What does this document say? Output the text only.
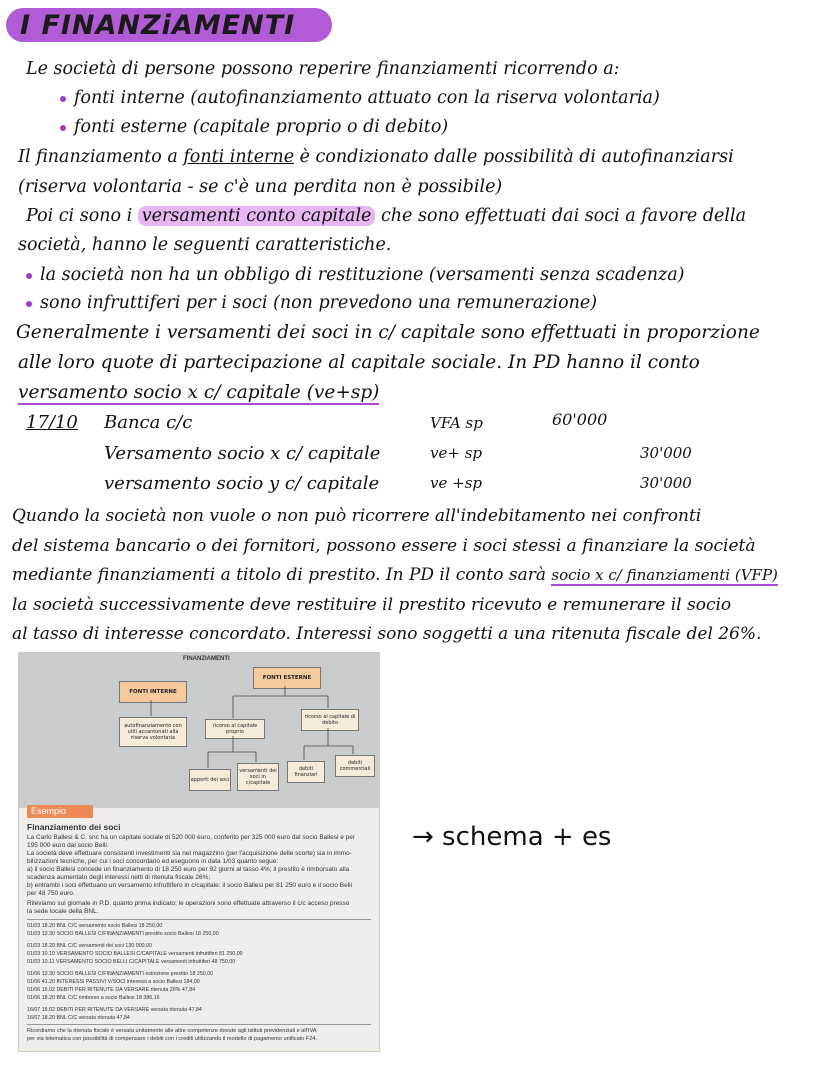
I FINANZiAMENTI
Le società di persone possono reperire finanziamenti ricorrendo a:
fonti interne (autofinanziamento attuato con la riserva volontaria)
fonti esterne (capitale proprio o di debito)
Il finanziamento a fonti interne è condizionato dalle possibilità di autofinanziarsi
(riserva volontaria - se c'è una perdita non è possibile)
Poi ci sono i versamenti conto capitale che sono effettuati dai soci a favore della
società, hanno le seguenti caratteristiche.
la società non ha un obbligo di restituzione (versamenti senza scadenza)
sono infruttiferi per i soci (non prevedono una remunerazione)
Generalmente i versamenti dei soci in c/ capitale sono effettuati in proporzione
alle loro quote di partecipazione al capitale sociale. In PD hanno il conto
versamento socio x c/ capitale (ve+sp)
17/10 Banca c/c	VFA sp	60'000
Versamento socio x c/ capitale	ve+ sp	30'000
versamento socio y c/ capitale	ve +sp	30'000
Quando la società non vuole o non può ricorrere all'indebitamento nei confronti
del sistema bancario o dei fornitori, possono essere i soci stessi a finanziare la società
mediante finanziamenti a titolo di prestito. In PD il conto sarà socio x c/ finanziamenti (VFP)
la società successivamente deve restituire il prestito ricevuto e remunerare il socio
al tasso di interesse concordato. Interessi sono soggetti a una ritenuta fiscale del 26%.
FINANZIAMENTI
FONTI INTERNE
FONTI ESTERNE
autofinanziamento con utili accantonati alla riserva volontaria
ricorso al capitale proprio
ricorso al capitale di debito
apporti dei soci
versamenti dei soci in c/capitale
debiti finanziari
debiti commerciali
Esempio
Finanziamento dei soci
La Carlo Ballesi & C. snc ha un capitale sociale di 520 000 euro, conferito per 325 000 euro dal socio Ballesi e per
195 000 euro dal socio Belli.
La società deve effettuare consistenti investimenti sia nel magazzino (per l'acquisizione delle scorte) sia in immo-
bilizzazioni tecniche, per cui i soci concordano ed eseguono in data 1/03 quanto segue:
a) il socio Ballesi concede un finanziamento di 18 250 euro per 92 giorni al tasso 4%; il prestito è rimborsato alla
scadenza aumentato degli interessi netti di ritenuta fiscale 26%;
b) entrambi i soci effettuano un versamento infruttifero in c/capitale: il socio Ballesi per 81 250 euro e il socio Belli
per 48 750 euro.
Rileviamo sul giornale in P.D. quanto prima indicato; le operazioni sono effettuate attraverso il c/c acceso presso
la sede locale della BNL.
01/03 18.20 BNL C/C versamento socio Ballesi 18 250,00
01/03 13.30 SOCIO BALLESI C/FINANZIAMENTI prestito socio Ballesi 18 250,00
01/03 18.20 BNL C/C versamenti dei soci 130 000,00
01/03 10.10 VERSAMENTO SOCIO BALLESI C/CAPITALE versamenti infruttiferi 81 250,00
01/03 10.11 VERSAMENTO SOCIO BELLI C/CAPITALE versamenti infruttiferi 48 750,00
01/06 13.30 SOCIO BALLESI C/FINANZIAMENTI estinzione prestito 18 250,00
01/06 41.20 INTERESSI PASSIVI V/SOCI interessi a socio Ballesi 184,00
01/06 15.02 DEBITI PER RITENUTE DA VERSARE ritenuta 26% 47,84
01/06 18.20 BNL C/C rimborso a socio Ballesi 18 386,16
16/07 15.02 DEBITI PER RITENUTE DA VERSARE versata ritenuta 47,84
16/07 18.20 BNL C/C versata ritenuta 47,84
Ricordiamo che la ritenuta fiscale è versata unitamente alle altre competenze dovute agli istituti previdenziali e all'IVA
per via telematica con possibilità di compensare i debiti con i crediti utilizzando il modello di pagamento unificato F24.
→ schema + es
